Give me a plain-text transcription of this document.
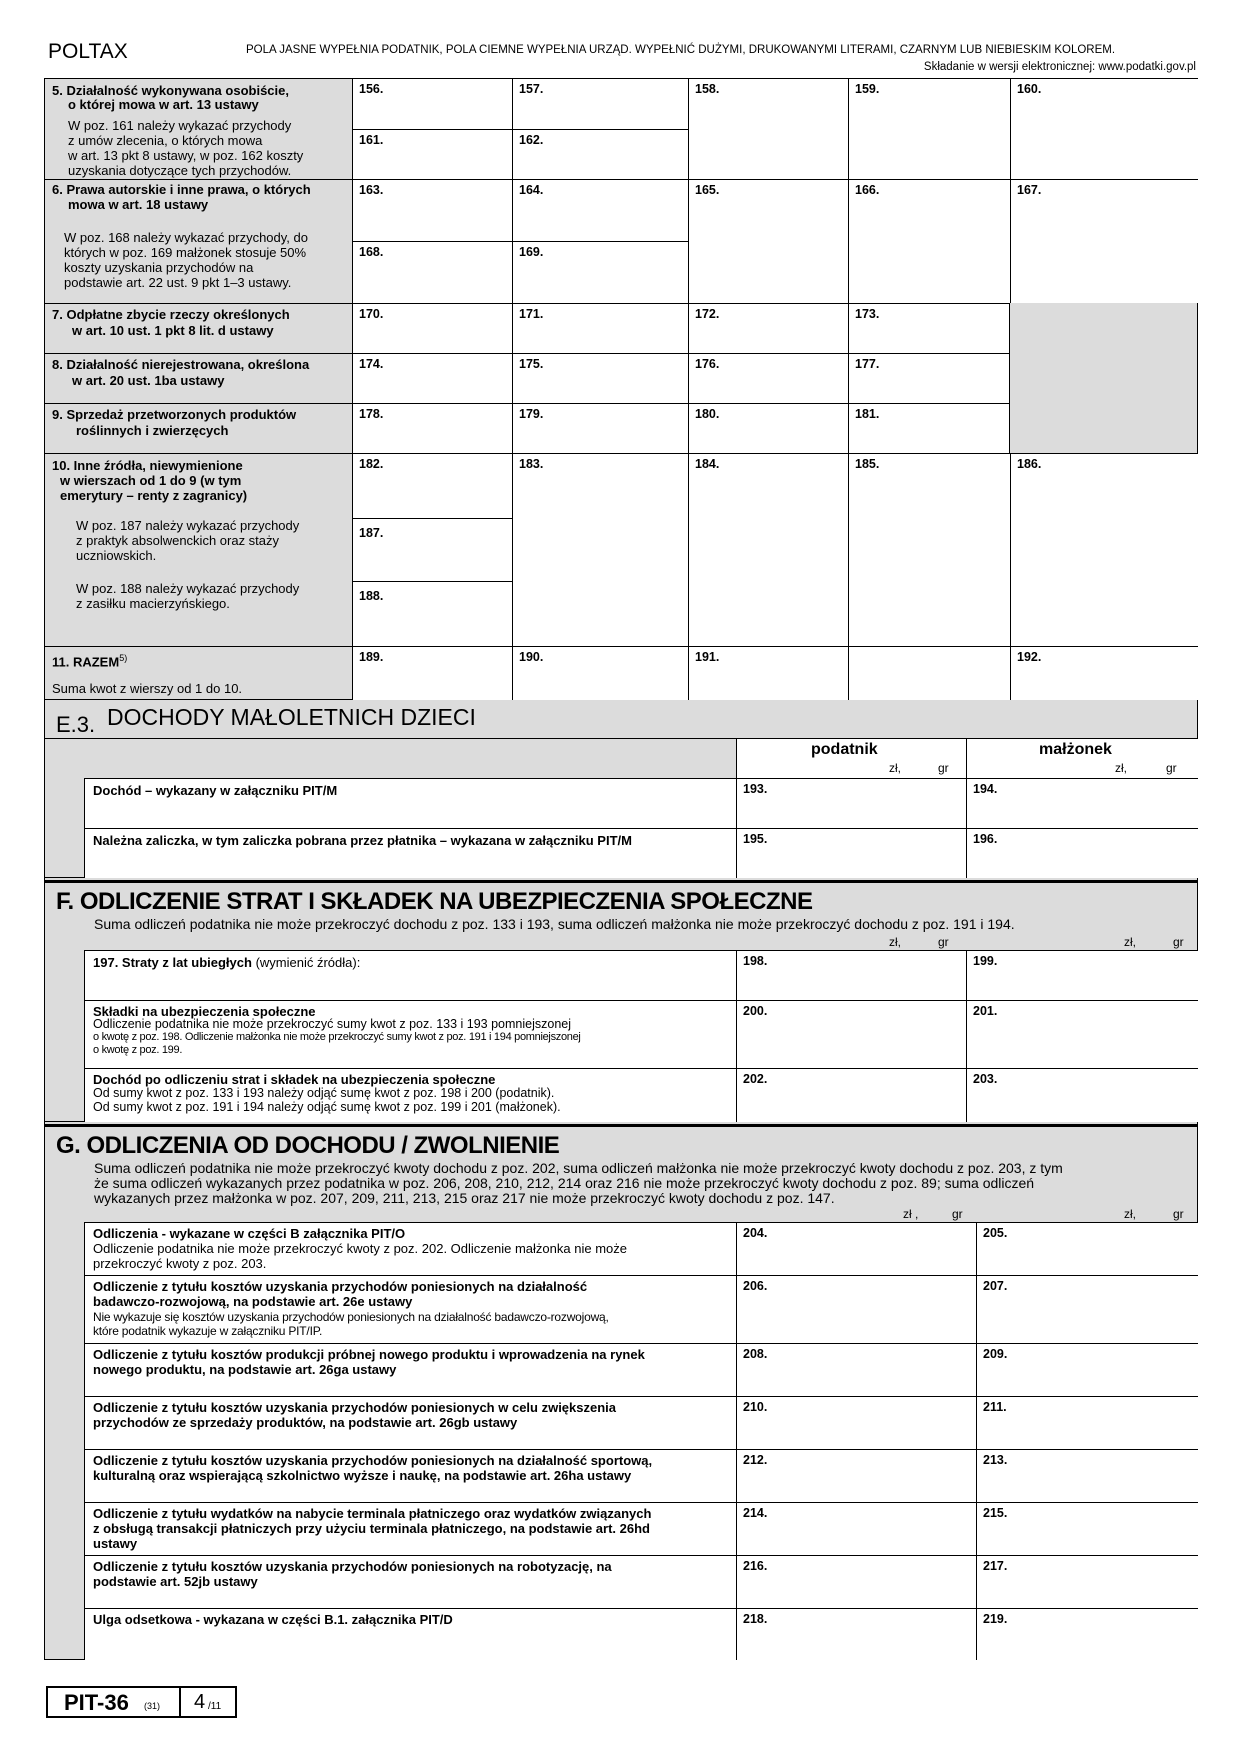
POLTAX	POLA JASNE WYPEŁNIA PODATNIK, POLA CIEMNE WYPEŁNIA URZĄD. WYPEŁNIĆ DUŻYMI, DRUKOWANYMI LITERAMI, CZARNYM LUB NIEBIESKIM KOLOREM.
Składanie w wersji elektronicznej: www.podatki.gov.pl
5. Działalność wykonywana osobiście,
o której mowa w art. 13 ustawy
W poz. 161 należy wykazać przychody
z umów zlecenia, o których mowa
w art. 13 pkt 8 ustawy, w poz. 162 koszty
uzyskania dotyczące tych przychodów.
156.	157.	158.	159.	160.
161.	162.
6. Prawa autorskie i inne prawa, o których
mowa w art. 18 ustawy
W poz. 168 należy wykazać przychody, do
których w poz. 169 małżonek stosuje 50%
koszty uzyskania przychodów na
podstawie art. 22 ust. 9 pkt 1–3 ustawy.
163.	164.	165.	166.	167.
168.	169.
7. Odpłatne zbycie rzeczy określonych
w art. 10 ust. 1 pkt 8 lit. d ustawy
170.	171.	172.	173.
8. Działalność nierejestrowana, określona
w art. 20 ust. 1ba ustawy
174.	175.	176.	177.
9. Sprzedaż przetworzonych produktów
roślinnych i zwierzęcych
178.	179.	180.	181.
10. Inne źródła, niewymienione
w wierszach od 1 do 9 (w tym
emerytury – renty z zagranicy)
W poz. 187 należy wykazać przychody
z praktyk absolwenckich oraz staży
uczniowskich.
W poz. 188 należy wykazać przychody
z zasiłku macierzyńskiego.
182.	183.	184.	185.	186.
187.
188.
11. RAZEM$^{5)}$
Suma kwot z wierszy od 1 do 10.
189.	190.	191.	192.
E.3. DOCHODY MAŁOLETNICH DZIECI
podatnik
zł,	gr
małżonek
zł,	gr
Dochód – wykazany w załączniku PIT/M	193.	194.
Należna zaliczka, w tym zaliczka pobrana przez płatnika – wykazana w załączniku PIT/M	195.	196.
F. ODLICZENIE STRAT I SKŁADEK NA UBEZPIECZENIA SPOŁECZNE
Suma odliczeń podatnika nie może przekroczyć dochodu z poz. 133 i 193, suma odliczeń małżonka nie może przekroczyć dochodu z poz. 191 i 194.
zł,	gr	zł,	gr
197. Straty z lat ubiegłych (wymienić źródła):	198.	199.
Składki na ubezpieczenia społeczne
Odliczenie podatnika nie może przekroczyć sumy kwot z poz. 133 i 193 pomniejszonej
o kwotę z poz. 198. Odliczenie małżonka nie może przekroczyć sumy kwot z poz. 191 i 194 pomniejszonej
o kwotę z poz. 199.
200.	201.
Dochód po odliczeniu strat i składek na ubezpieczenia społeczne
Od sumy kwot z poz. 133 i 193 należy odjąć sumę kwot z poz. 198 i 200 (podatnik).
Od sumy kwot z poz. 191 i 194 należy odjąć sumę kwot z poz. 199 i 201 (małżonek).
202.	203.
G. ODLICZENIA OD DOCHODU / ZWOLNIENIE
Suma odliczeń podatnika nie może przekroczyć kwoty dochodu z poz. 202, suma odliczeń małżonka nie może przekroczyć kwoty dochodu z poz. 203, z tym
że suma odliczeń wykazanych przez podatnika w poz. 206, 208, 210, 212, 214 oraz 216 nie może przekroczyć kwoty dochodu z poz. 89; suma odliczeń
wykazanych przez małżonka w poz. 207, 209, 211, 213, 215 oraz 217 nie może przekroczyć kwoty dochodu z poz. 147.
zł ,	gr	zł,	gr
Odliczenia - wykazane w części B załącznika PIT/O
Odliczenie podatnika nie może przekroczyć kwoty z poz. 202. Odliczenie małżonka nie może
przekroczyć kwoty z poz. 203.
204.	205.
Odliczenie z tytułu kosztów uzyskania przychodów poniesionych na działalność
badawczo-rozwojową, na podstawie art. 26e ustawy
Nie wykazuje się kosztów uzyskania przychodów poniesionych na działalność badawczo-rozwojową,
które podatnik wykazuje w załączniku PIT/IP.
206.	207.
Odliczenie z tytułu kosztów produkcji próbnej nowego produktu i wprowadzenia na rynek
nowego produktu, na podstawie art. 26ga ustawy
208.	209.
Odliczenie z tytułu kosztów uzyskania przychodów poniesionych w celu zwiększenia
przychodów ze sprzedaży produktów, na podstawie art. 26gb ustawy
210.	211.
Odliczenie z tytułu kosztów uzyskania przychodów poniesionych na działalność sportową,
kulturalną oraz wspierającą szkolnictwo wyższe i naukę, na podstawie art. 26ha ustawy
212.	213.
Odliczenie z tytułu wydatków na nabycie terminala płatniczego oraz wydatków związanych
z obsługą transakcji płatniczych przy użyciu terminala płatniczego, na podstawie art. 26hd
ustawy
214.	215.
Odliczenie z tytułu kosztów uzyskania przychodów poniesionych na robotyzację, na
podstawie art. 52jb ustawy
216.	217.
Ulga odsetkowa - wykazana w części B.1. załącznika PIT/D	218.	219.
PIT-36 (31) 4 /11
